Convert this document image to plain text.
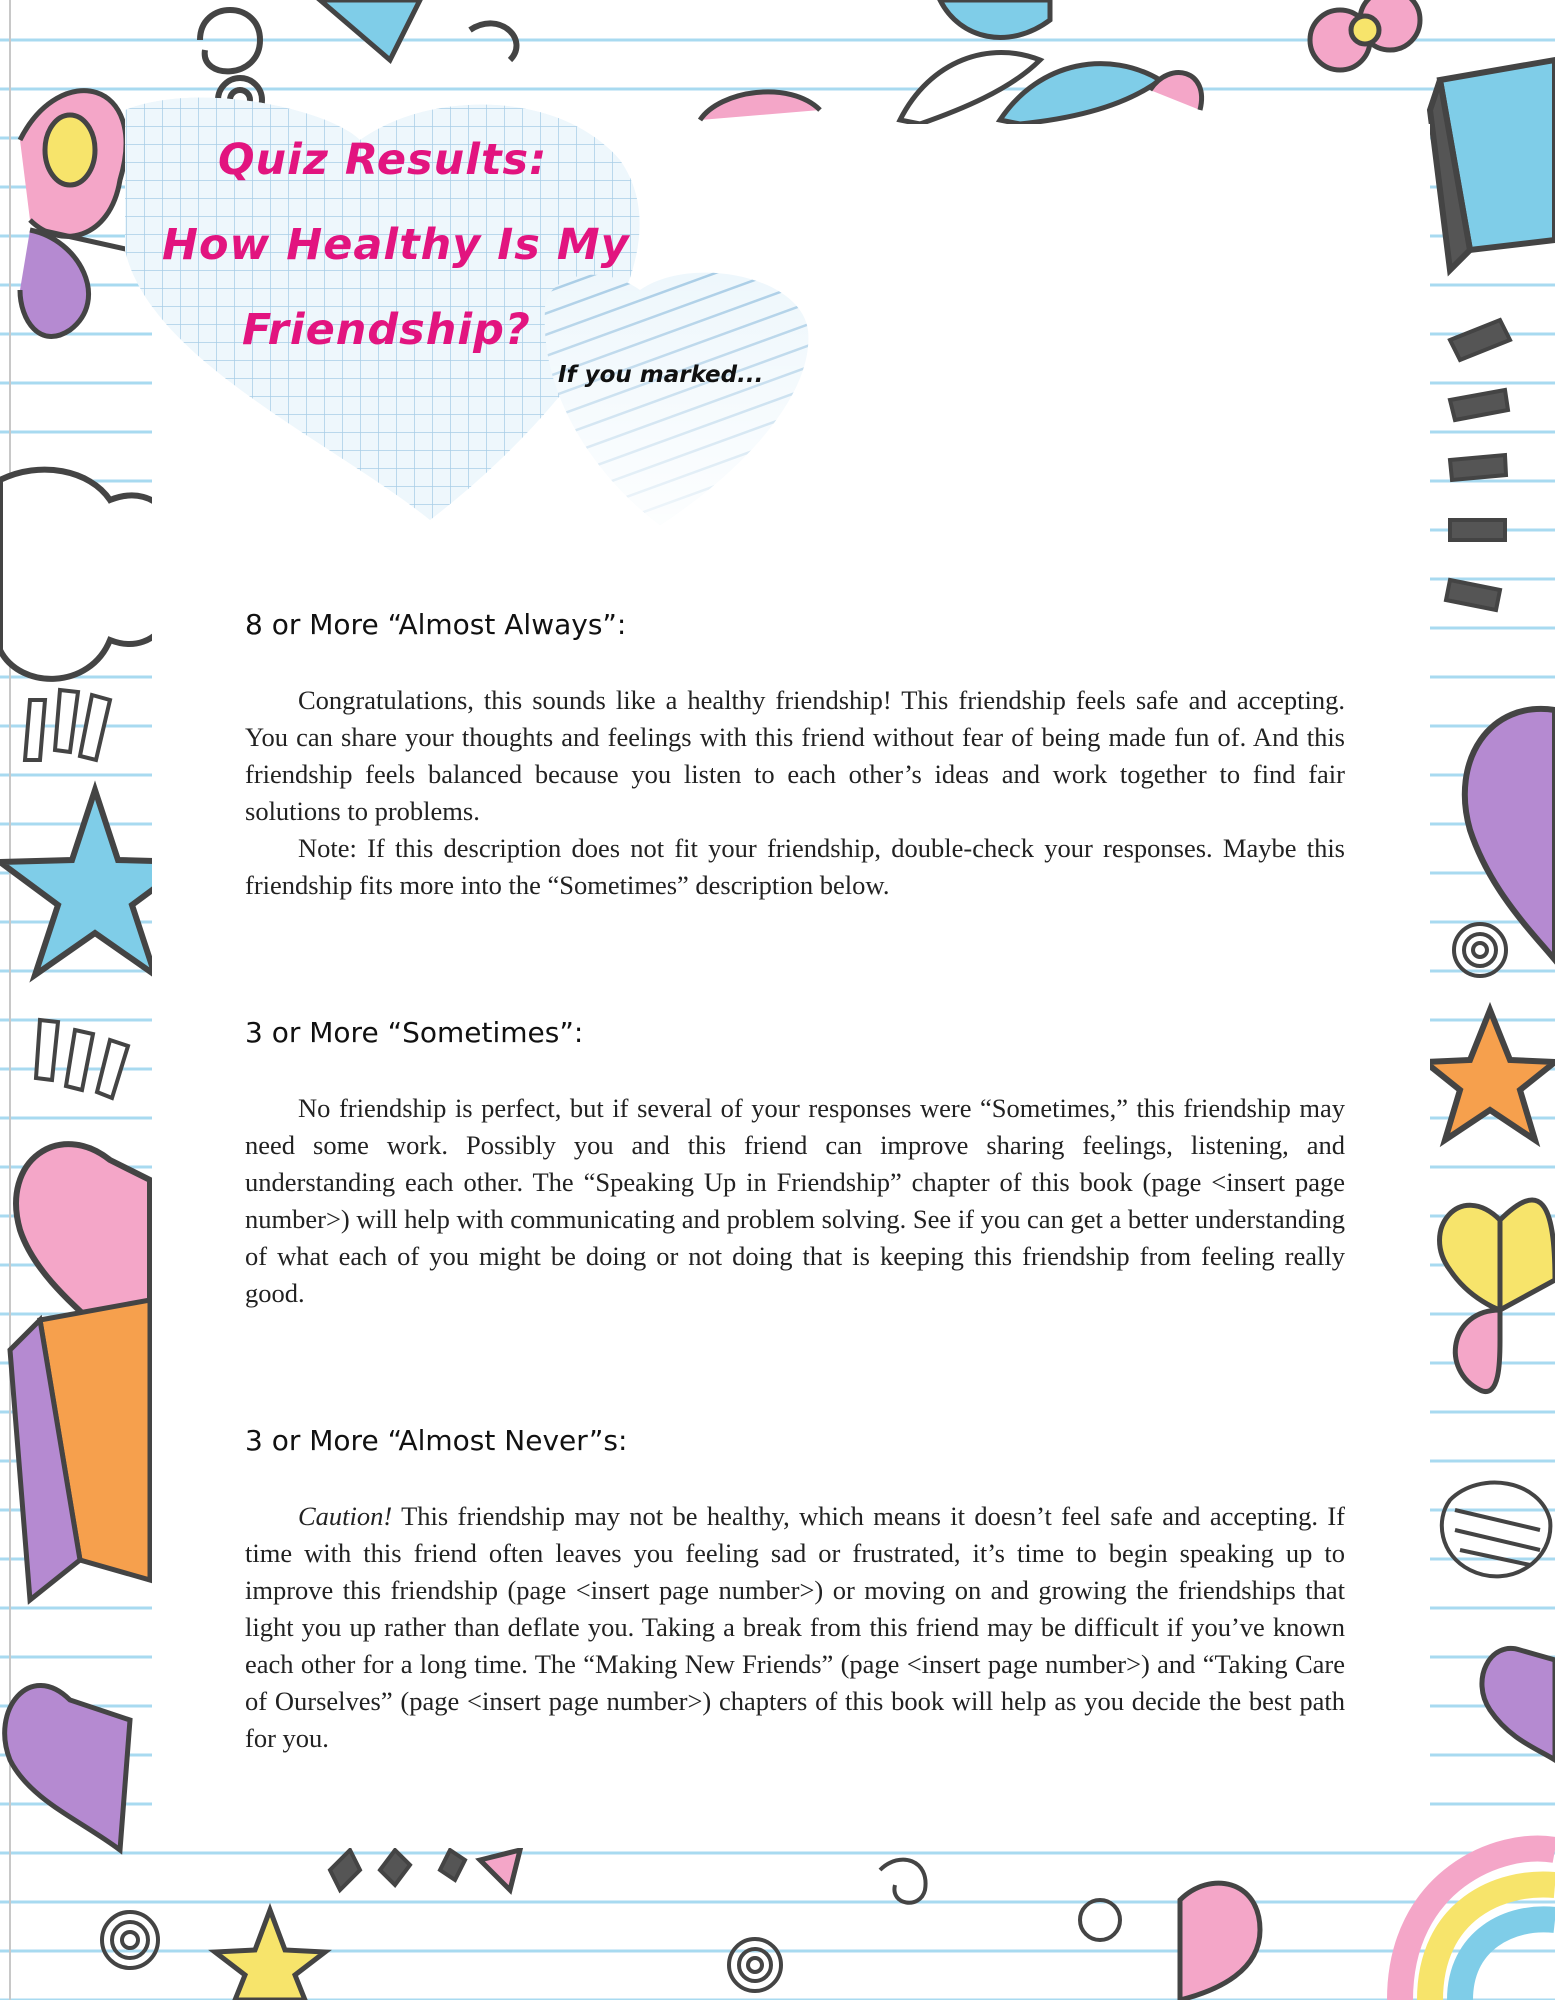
Quiz Results:
How Healthy Is My
Friendship?
If you marked...
8 or More “Almost Always”:

Congratulations, this sounds like a healthy friendship! This friendship feels safe and accepting. You can share your thoughts and feelings with this friend without fear of being made fun of. And this friendship feels balanced because you listen to each other’s ideas and work together to find fair solutions to problems.

Note: If this description does not fit your friendship, double-check your responses. Maybe this friendship fits more into the “Sometimes” description below.

3 or More “Sometimes”:

No friendship is perfect, but if several of your responses were “Sometimes,” this friendship may need some work. Possibly you and this friend can improve sharing feelings, listening, and understanding each other. The “Speaking Up in Friendship” chapter of this book (page <insert page number>) will help with communicating and problem solving. See if you can get a better understanding of what each of you might be doing or not doing that is keeping this friendship from feeling really good.

3 or More “Almost Never”s:

Caution! This friendship may not be healthy, which means it doesn’t feel safe and accepting. If time with this friend often leaves you feeling sad or frustrated, it’s time to begin speaking up to improve this friendship (page <insert page number>) or moving on and growing the friendships that light you up rather than deflate you. Taking a break from this friend may be difficult if you’ve known each other for a long time. The “Making New Friends” (page <insert page number>) and “Taking Care of Ourselves” (page <insert page number>) chapters of this book will help as you decide the best path for you.
